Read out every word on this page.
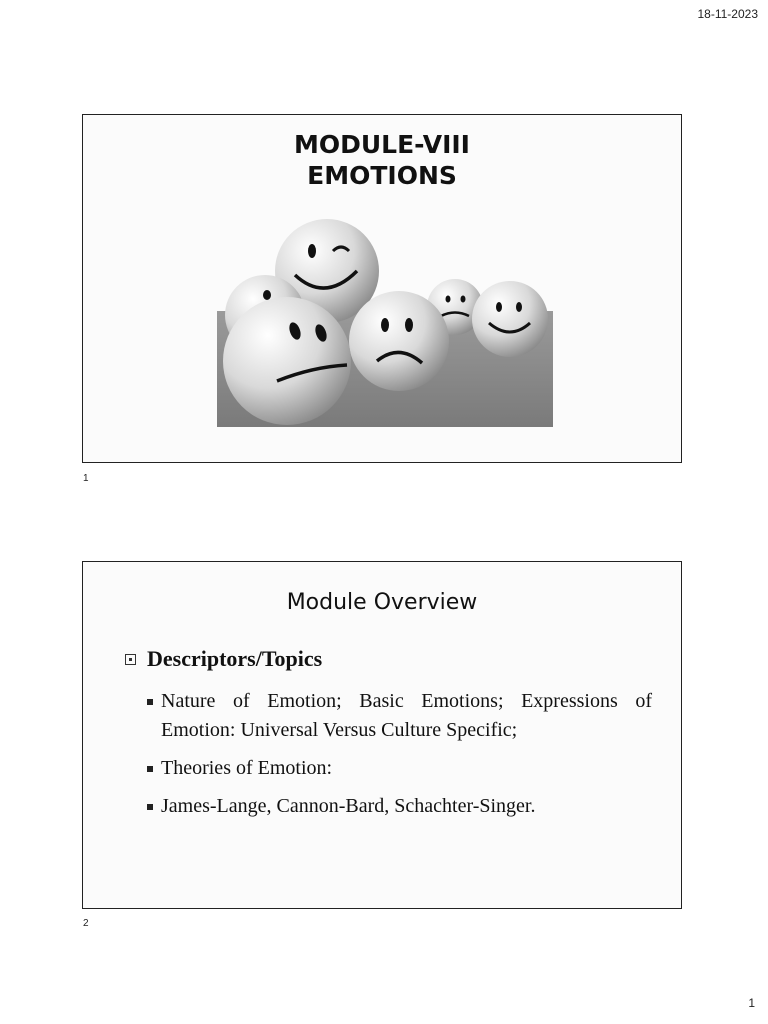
18-11-2023
MODULE-VIII
EMOTIONS
1
Module Overview
Descriptors/Topics
Nature of Emotion; Basic Emotions; Expressions of Emotion: Universal Versus Culture Specific;
Theories of Emotion:
James-Lange, Cannon-Bard, Schachter-Singer.
2
1
